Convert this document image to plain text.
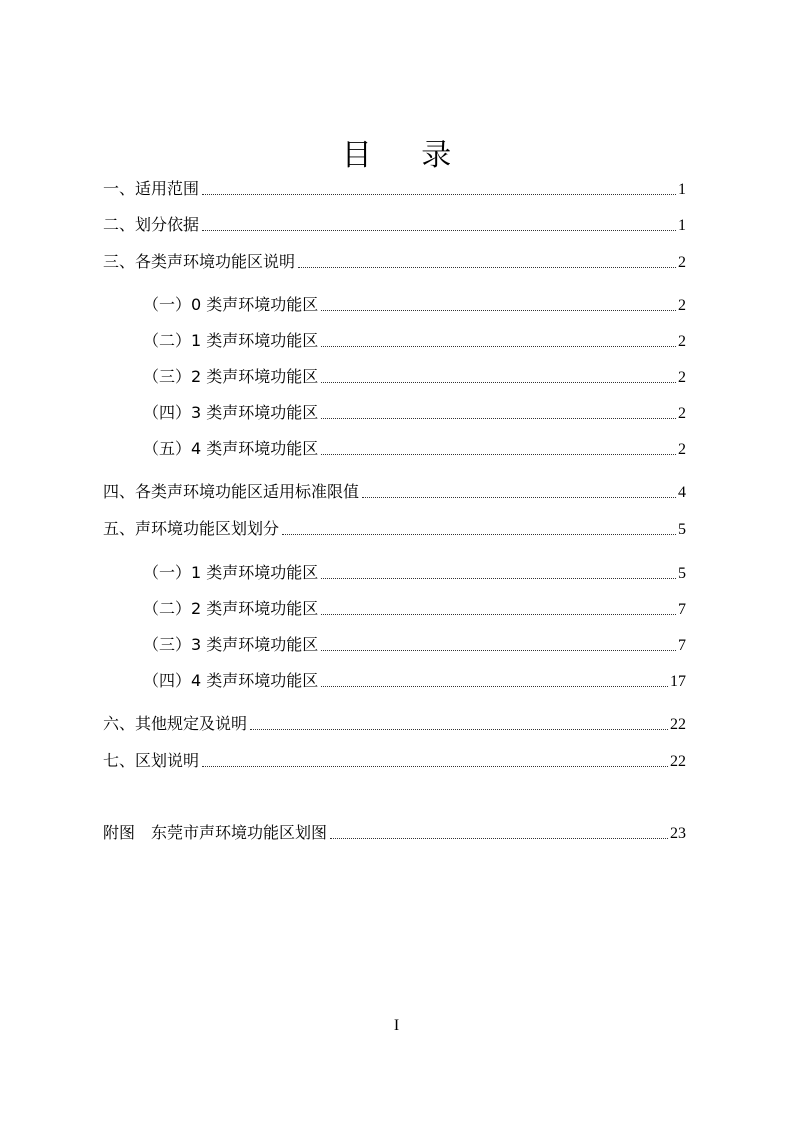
目 录
一、适用范围	1
二、划分依据	1
三、各类声环境功能区说明	2
（一）0 类声环境功能区	2
（二）1 类声环境功能区	2
（三）2 类声环境功能区	2
（四）3 类声环境功能区	2
（五）4 类声环境功能区	2
四、各类声环境功能区适用标准限值	4
五、声环境功能区划划分	5
（一）1 类声环境功能区	5
（二）2 类声环境功能区	7
（三）3 类声环境功能区	7
（四）4 类声环境功能区	17
六、其他规定及说明	22
七、区划说明	22
附图　东莞市声环境功能区划图	23
I
